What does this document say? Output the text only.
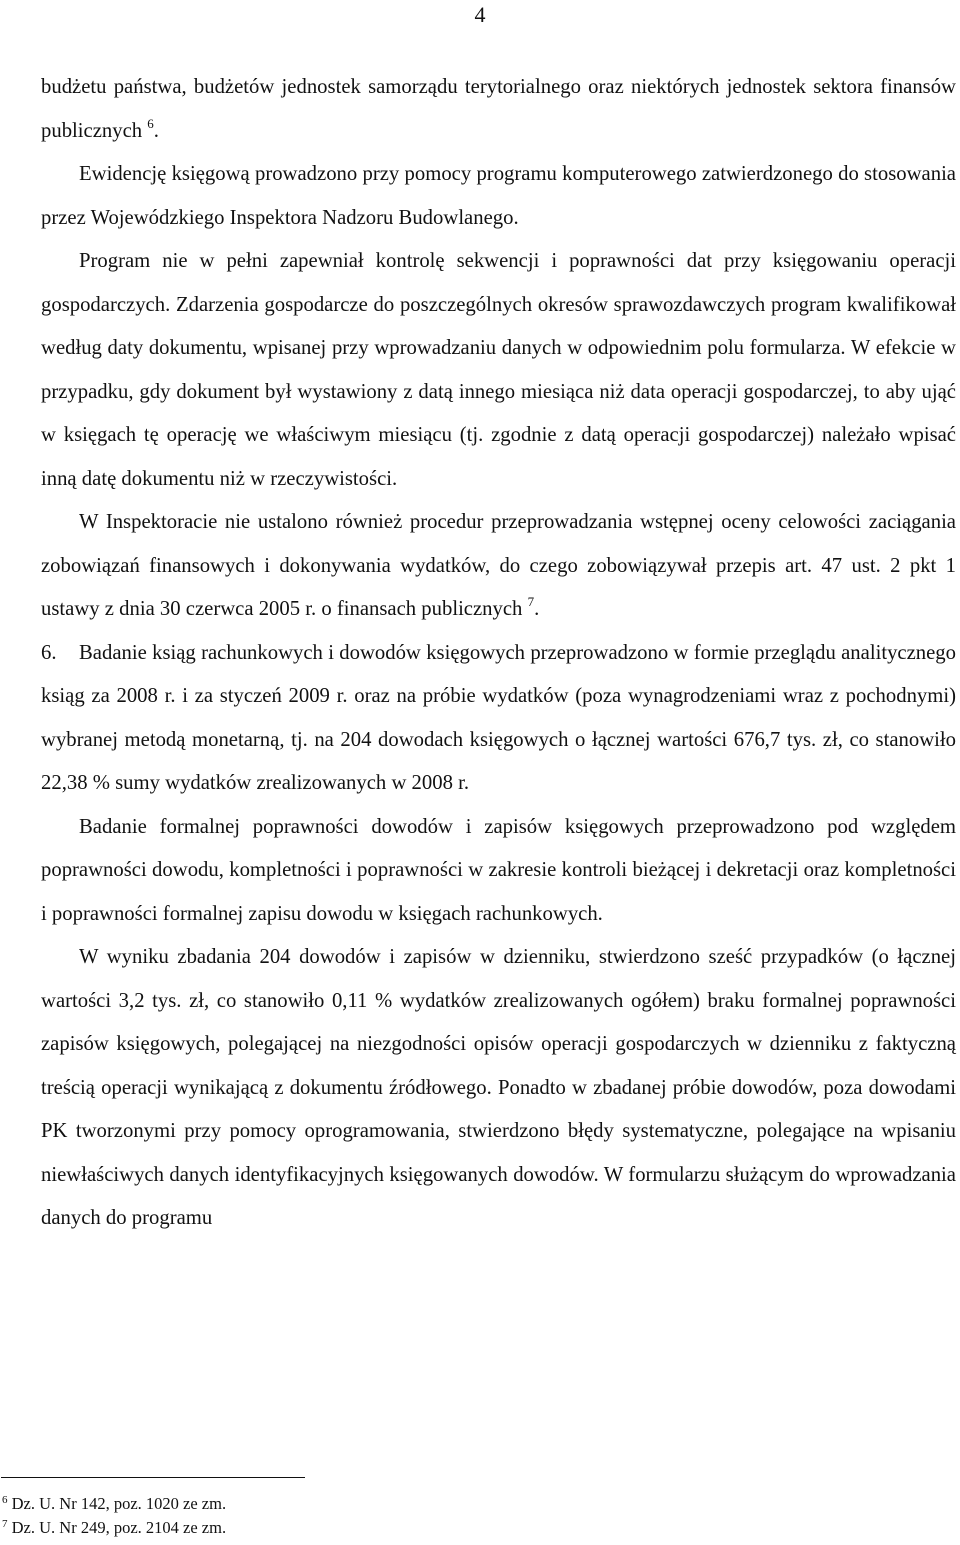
4

budżetu państwa, budżetów jednostek samorządu terytorialnego oraz niektórych jednostek sektora finansów publicznych $^6$.

Ewidencję księgową prowadzono przy pomocy programu komputerowego zatwierdzonego do stosowania przez Wojewódzkiego Inspektora Nadzoru Budowlanego.

Program nie w pełni zapewniał kontrolę sekwencji i poprawności dat przy księgowaniu operacji gospodarczych. Zdarzenia gospodarcze do poszczególnych okresów sprawozdawczych program kwalifikował według daty dokumentu, wpisanej przy wprowadzaniu danych w odpowiednim polu formularza. W efekcie w przypadku, gdy dokument był wystawiony z datą innego miesiąca niż data operacji gospodarczej, to aby ująć w księgach tę operację we właściwym miesiącu (tj. zgodnie z datą operacji gospodarczej) należało wpisać inną datę dokumentu niż w rzeczywistości.

W Inspektoracie nie ustalono również procedur przeprowadzania wstępnej oceny celowości zaciągania zobowiązań finansowych i dokonywania wydatków, do czego zobowiązywał przepis art. 47 ust. 2 pkt 1 ustawy z dnia 30 czerwca 2005 r. o finansach publicznych $^7$.

6.	Badanie ksiąg rachunkowych i dowodów księgowych przeprowadzono w formie przeglądu analitycznego ksiąg za 2008 r. i za styczeń 2009 r. oraz na próbie wydatków (poza wynagrodzeniami wraz z pochodnymi) wybranej metodą monetarną, tj. na 204 dowodach księgowych o łącznej wartości 676,7 tys. zł, co stanowiło 22,38 % sumy wydatków zrealizowanych w 2008 r.

Badanie formalnej poprawności dowodów i zapisów księgowych przeprowadzono pod względem poprawności dowodu, kompletności i poprawności w zakresie kontroli bieżącej i dekretacji oraz kompletności i poprawności formalnej zapisu dowodu w księgach rachunkowych.

W wyniku zbadania 204 dowodów i zapisów w dzienniku, stwierdzono sześć przypadków (o łącznej wartości 3,2 tys. zł, co stanowiło 0,11 % wydatków zrealizowanych ogółem) braku formalnej poprawności zapisów księgowych, polegającej na niezgodności opisów operacji gospodarczych w dzienniku z faktyczną treścią operacji wynikającą z dokumentu źródłowego. Ponadto w zbadanej próbie dowodów, poza dowodami PK tworzonymi przy pomocy oprogramowania, stwierdzono błędy systematyczne, polegające na wpisaniu niewłaściwych danych identyfikacyjnych księgowanych dowodów. W formularzu służącym do wprowadzania danych do programu

$^6$ Dz. U. Nr 142, poz. 1020 ze zm.
$^7$ Dz. U. Nr 249, poz. 2104 ze zm.
